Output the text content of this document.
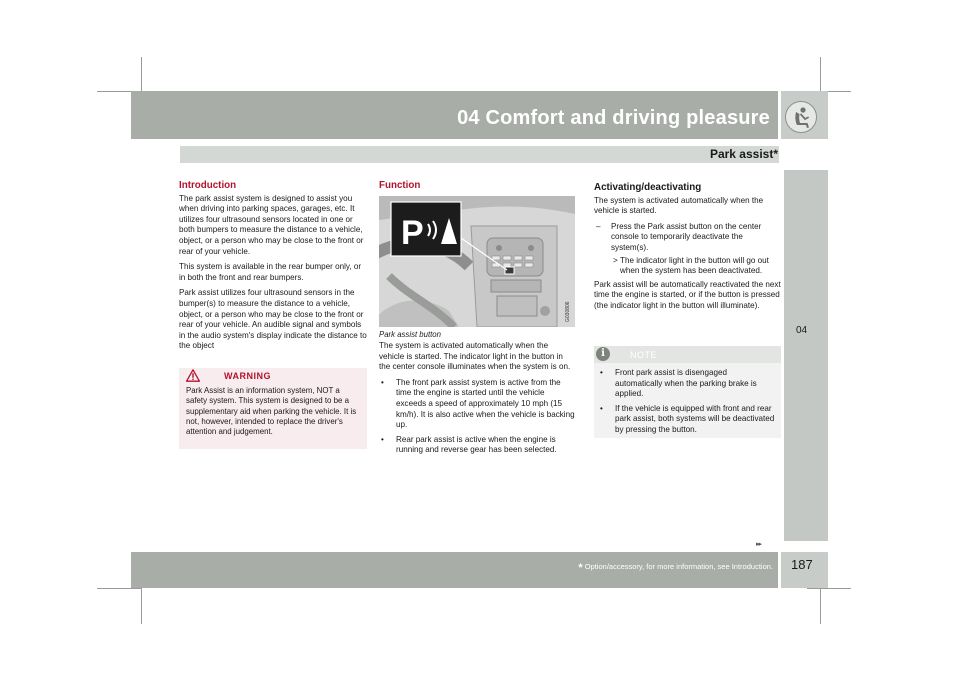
04 Comfort and driving pleasure
Park assist*
04
Introduction

The park assist system is designed to assist you when driving into parking spaces, garages, etc. It utilizes four ultrasound sensors located in one or both bumpers to measure the distance to a vehicle, object, or a person who may be close to the front or rear of your vehicle.

This system is available in the rear bumper only, or in both the front and rear bumpers.

Park assist utilizes four ultrasound sensors in the bumper(s) to measure the distance to a vehicle, object, or a person who may be close to the front or rear of your vehicle. An audible signal and symbols in the audio system's display indicate the distance to the object

WARNING
Park Assist is an information system, NOT a safety system. This system is designed to be a supplementary aid when parking the vehicle. It is not, however, intended to replace the driver's attention and judgement.
Function
P
G030806
Park assist button

The system is activated automatically when the vehicle is started. The indicator light in the button in the center console illuminates when the system is on.

• The front park assist system is active from the time the engine is started until the vehicle exceeds a speed of approximately 10 mph (15 km/h). It is also active when the vehicle is backing up.
• Rear park assist is active when the engine is running and reverse gear has been selected.
Activating/deactivating

The system is activated automatically when the vehicle is started.

– Press the Park assist button on the center console to temporarily deactivate the system(s).
> The indicator light in the button will go out when the system has been deactivated.

Park assist will be automatically reactivated the next time the engine is started, or if the button is pressed (the indicator light in the button will illuminate).

i	NOTE
• Front park assist is disengaged automatically when the parking brake is applied.
• If the vehicle is equipped with front and rear park assist, both systems will be deactivated by pressing the button.
▸▸
* Option/accessory, for more information, see Introduction. 187
